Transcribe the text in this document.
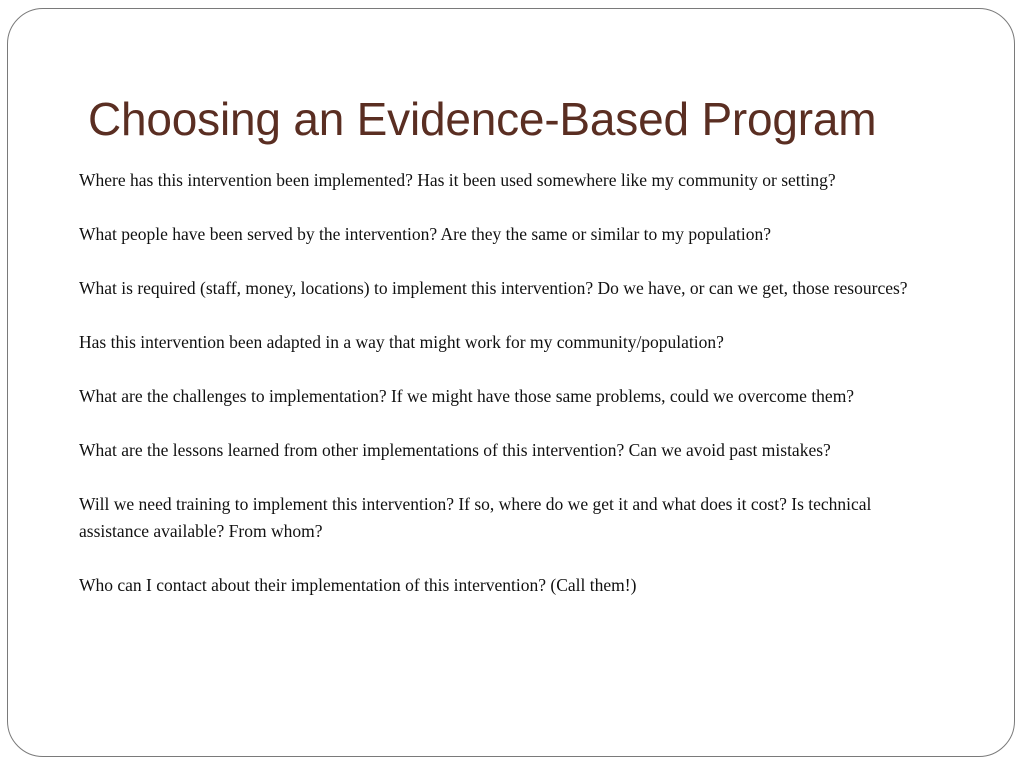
Choosing an Evidence-Based Program

Where has this intervention been implemented? Has it been used somewhere like my community or setting?

What people have been served by the intervention? Are they the same or similar to my population?

What is required (staff, money, locations) to implement this intervention? Do we have, or can we get, those resources?

Has this intervention been adapted in a way that might work for my community/population?

What are the challenges to implementation? If we might have those same problems, could we overcome them?

What are the lessons learned from other implementations of this intervention? Can we avoid past mistakes?

Will we need training to implement this intervention? If so, where do we get it and what does it cost? Is technical assistance available? From whom?

Who can I contact about their implementation of this intervention? (Call them!)
